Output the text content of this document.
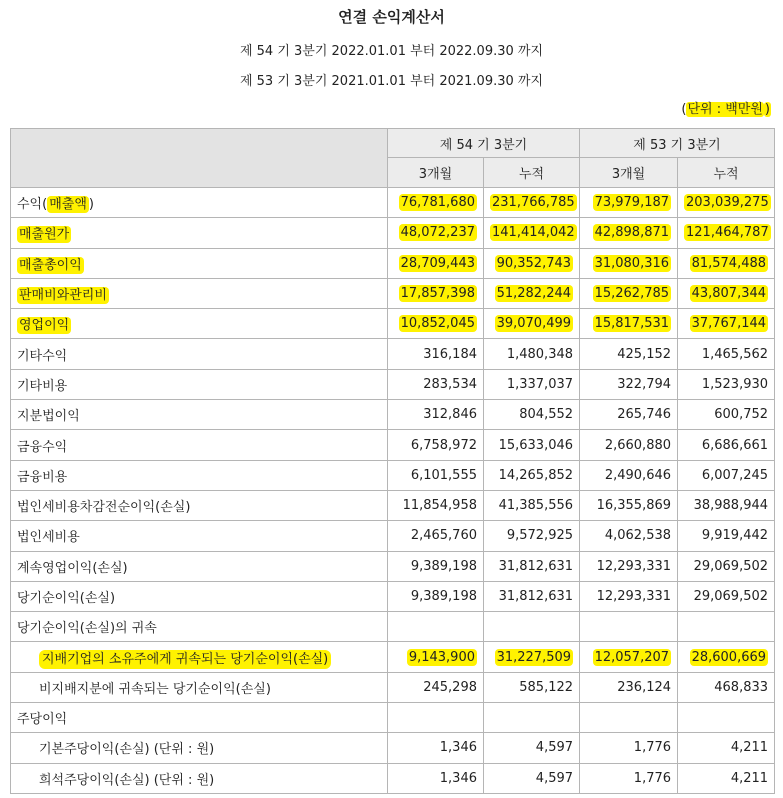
연결 손익계산서
제 54 기 3분기 2022.01.01 부터 2022.09.30 까지
제 53 기 3분기 2021.01.01 부터 2021.09.30 까지
(단위 : 백만원 )
	제 54 기 3분기		제 53 기 3분기	
	3개월	누적	3개월	누적
수익( 매출액 )	76,781,680	231,766,785	73,979,187	203,039,275
매출원가	48,072,237	141,414,042	42,898,871	121,464,787
매출총이익	28,709,443	90,352,743	31,080,316	81,574,488
판매비와관리비	17,857,398	51,282,244	15,262,785	43,807,344
영업이익	10,852,045	39,070,499	15,817,531	37,767,144
기타수익	316,184	1,480,348	425,152	1,465,562
기타비용	283,534	1,337,037	322,794	1,523,930
지분법이익	312,846	804,552	265,746	600,752
금융수익	6,758,972	15,633,046	2,660,880	6,686,661
금융비용	6,101,555	14,265,852	2,490,646	6,007,245
법인세비용차감전순이익(손실)	11,854,958	41,385,556	16,355,869	38,988,944
법인세비용	2,465,760	9,572,925	4,062,538	9,919,442
계속영업이익(손실)	9,389,198	31,812,631	12,293,331	29,069,502
당기순이익(손실)	9,389,198	31,812,631	12,293,331	29,069,502
당기순이익(손실)의 귀속				
지배기업의 소유주에게 귀속되는 당기순이익(손실)	9,143,900	31,227,509	12,057,207	28,600,669
비지배지분에 귀속되는 당기순이익(손실)	245,298	585,122	236,124	468,833
주당이익				
기본주당이익(손실) (단위 : 원)	1,346	4,597	1,776	4,211
희석주당이익(손실) (단위 : 원)	1,346	4,597	1,776	4,211
